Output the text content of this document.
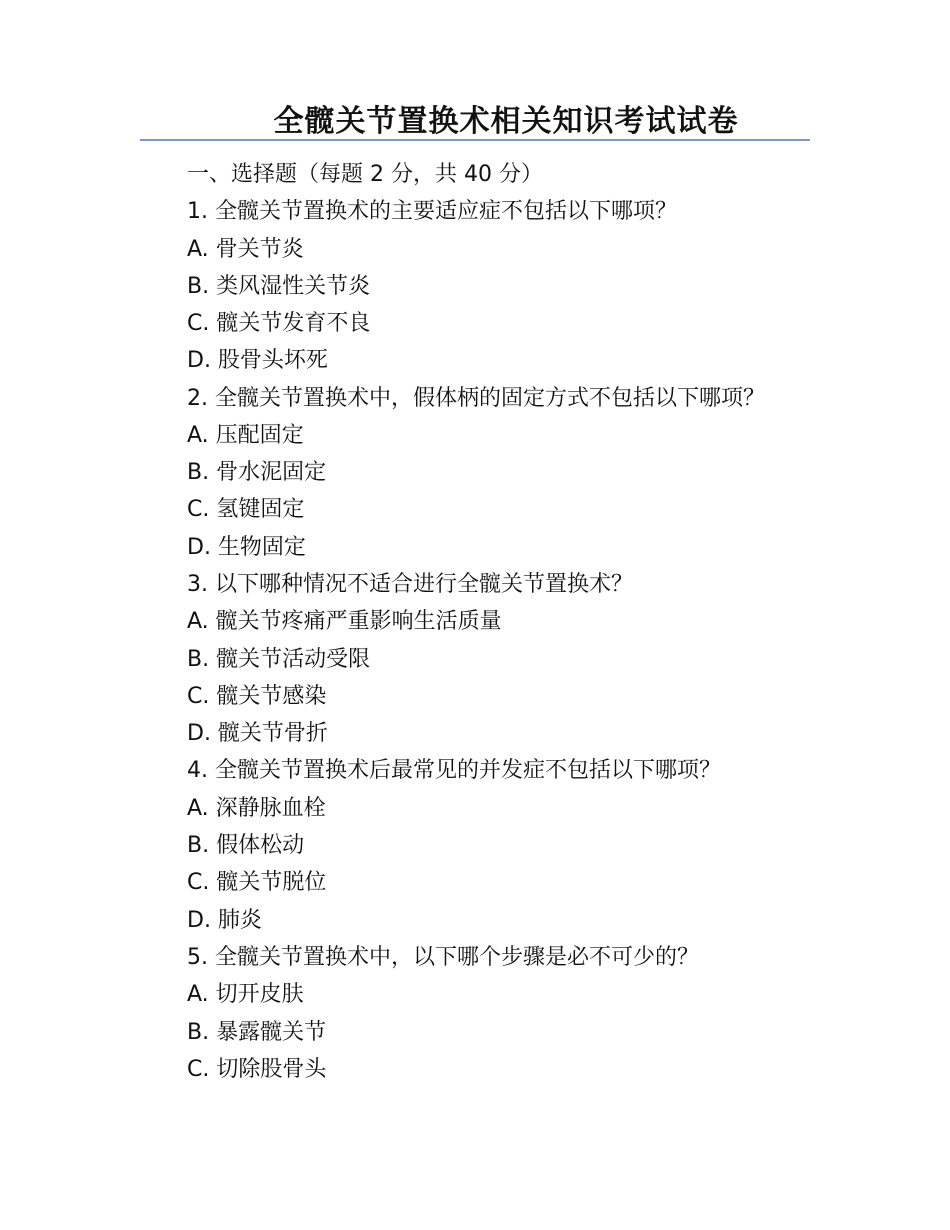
全髋关节置换术相关知识考试试卷
一、选择题（每题 2 分，共 40 分）
1. 全髋关节置换术的主要适应症不包括以下哪项？
A. 骨关节炎
B. 类风湿性关节炎
C. 髋关节发育不良
D. 股骨头坏死
2. 全髋关节置换术中，假体柄的固定方式不包括以下哪项？
A. 压配固定
B. 骨水泥固定
C. 氢键固定
D. 生物固定
3. 以下哪种情况不适合进行全髋关节置换术？
A. 髋关节疼痛严重影响生活质量
B. 髋关节活动受限
C. 髋关节感染
D. 髋关节骨折
4. 全髋关节置换术后最常见的并发症不包括以下哪项？
A. 深静脉血栓
B. 假体松动
C. 髋关节脱位
D. 肺炎
5. 全髋关节置换术中，以下哪个步骤是必不可少的？
A. 切开皮肤
B. 暴露髋关节
C. 切除股骨头
